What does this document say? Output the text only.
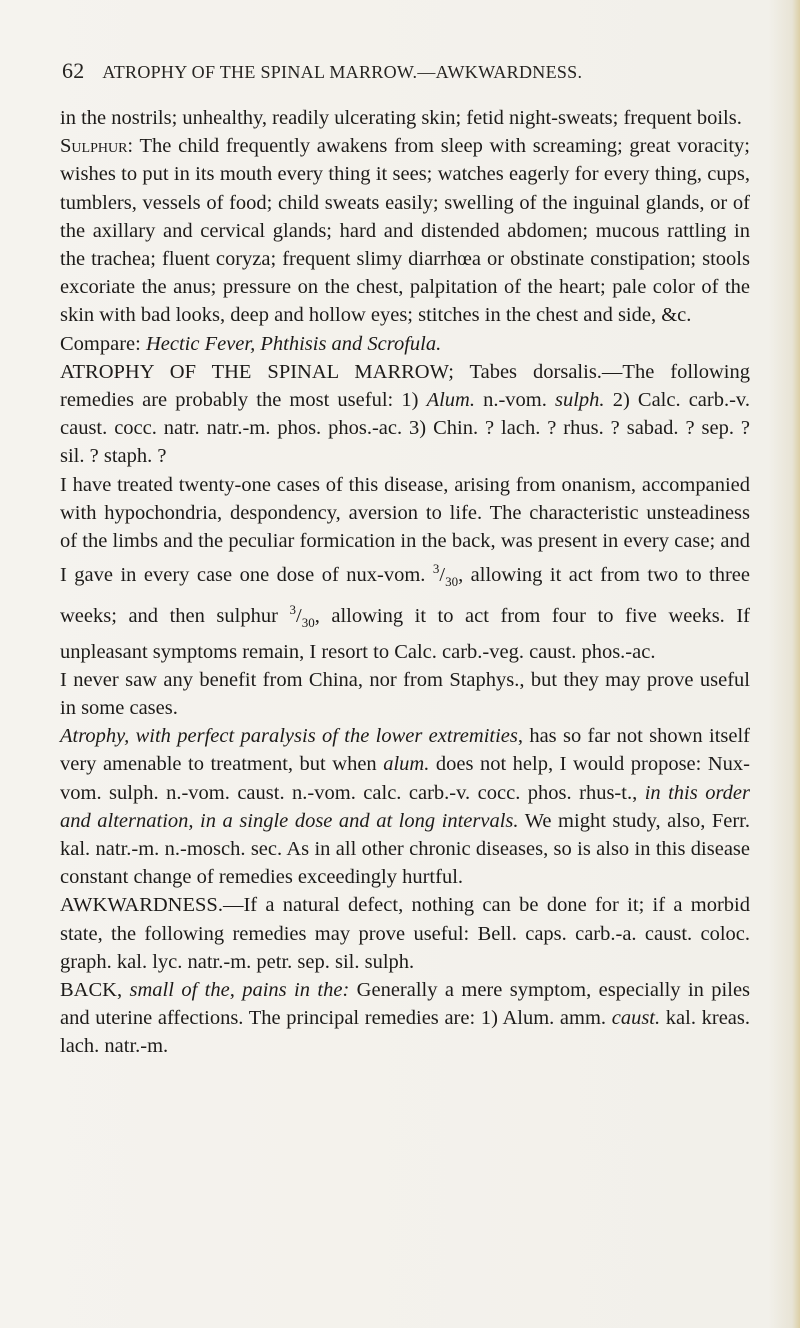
62 ATROPHY OF THE SPINAL MARROW.—AWKWARDNESS.

in the nostrils; unhealthy, readily ulcerating skin; fetid night-sweats; frequent boils.

Sulphur: The child frequently awakens from sleep with screaming; great voracity; wishes to put in its mouth every thing it sees; watches eagerly for every thing, cups, tumblers, vessels of food; child sweats easily; swelling of the inguinal glands, or of the axillary and cervical glands; hard and distended abdomen; mucous rattling in the trachea; fluent coryza; frequent slimy diarrhœa or obstinate constipation; stools excoriate the anus; pressure on the chest, palpitation of the heart; pale color of the skin with bad looks, deep and hollow eyes; stitches in the chest and side, &c.

Compare: Hectic Fever, Phthisis and Scrofula.

ATROPHY OF THE SPINAL MARROW; Tabes dorsalis.—The following remedies are probably the most useful: 1) Alum. n.-vom. sulph. 2) Calc. carb.-v. caust. cocc. natr. natr.-m. phos. phos.-ac. 3) Chin. ? lach. ? rhus. ? sabad. ? sep. ? sil. ? staph. ?

I have treated twenty-one cases of this disease, arising from onanism, accompanied with hypochondria, despondency, aversion to life. The characteristic unsteadiness of the limbs and the peculiar formication in the back, was present in every case; and I gave in every case one dose of nux-vom. $^3/_{30}$, allowing it act from two to three weeks; and then sulphur $^3/_{30}$, allowing it to act from four to five weeks. If unpleasant symptoms remain, I resort to Calc. carb.-veg. caust. phos.-ac.

I never saw any benefit from China, nor from Staphys., but they may prove useful in some cases.

Atrophy, with perfect paralysis of the lower extremities, has so far not shown itself very amenable to treatment, but when alum. does not help, I would propose: Nux-vom. sulph. n.-vom. caust. n.-vom. calc. carb.-v. cocc. phos. rhus-t., in this order and alternation, in a single dose and at long intervals. We might study, also, Ferr. kal. natr.-m. n.-mosch. sec. As in all other chronic diseases, so is also in this disease constant change of remedies exceedingly hurtful.

AWKWARDNESS.—If a natural defect, nothing can be done for it; if a morbid state, the following remedies may prove useful: Bell. caps. carb.-a. caust. coloc. graph. kal. lyc. natr.-m. petr. sep. sil. sulph.

BACK, small of the, pains in the: Generally a mere symptom, especially in piles and uterine affections. The principal remedies are: 1) Alum. amm. caust. kal. kreas. lach. natr.-m.
